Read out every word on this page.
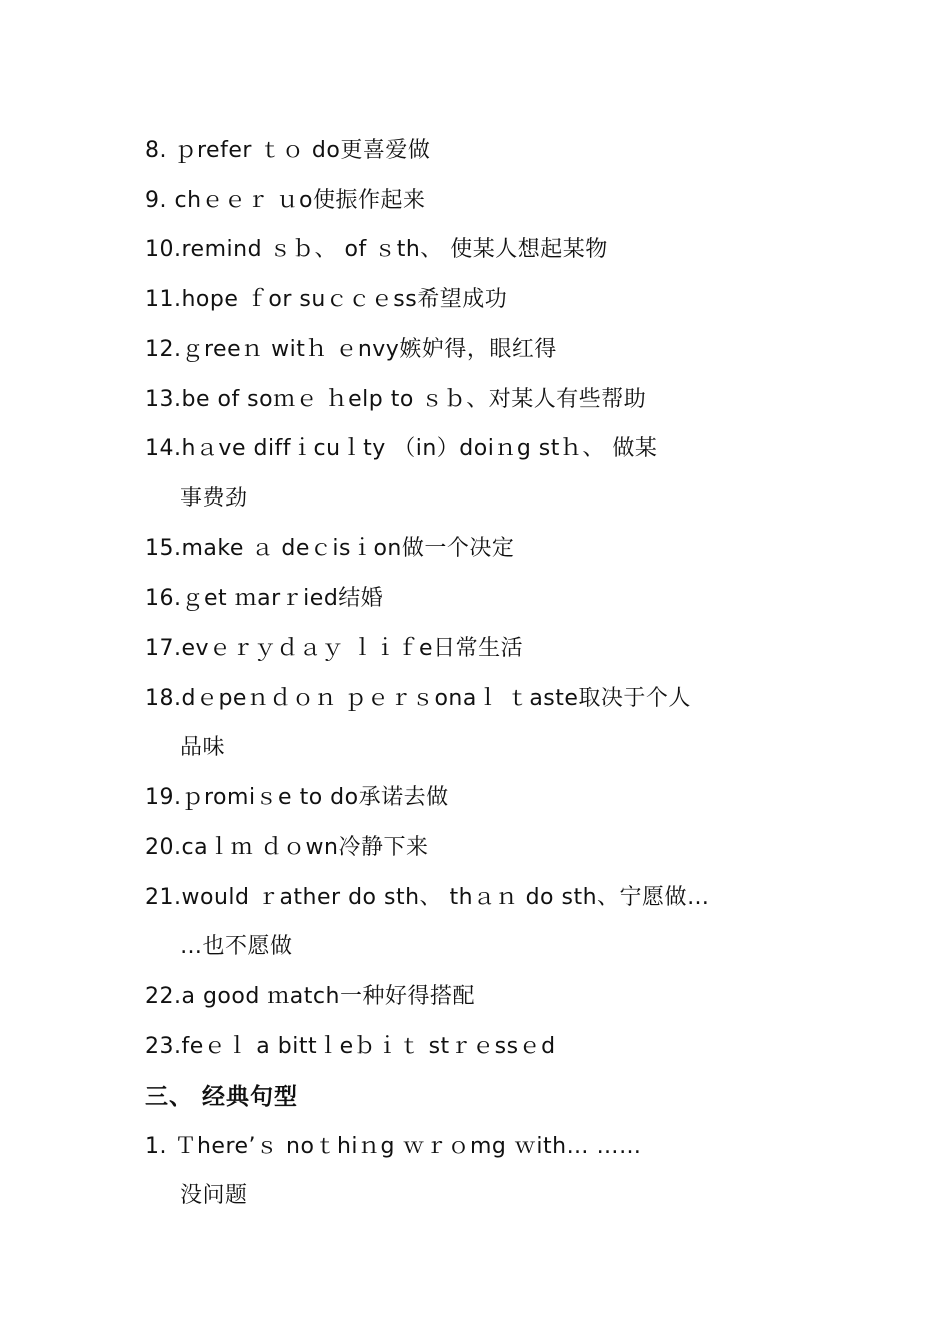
8. ｐrefer ｔｏ do更喜爱做
9. chｅｅｒ ｕo使振作起来
10.remind ｓｂ、 of ｓth、 使某人想起某物
11.hope ｆor suｃｃｅss希望成功
12.ｇreeｎ witｈ ｅnvy嫉妒得，眼红得
13.be of soｍｅ ｈelp to ｓｂ、对某人有些帮助
14.hａve diffｉcuｌty （in）doiｎg stｈ、 做某
事费劲
15.make ａ deｃisｉon做一个决定
16.ｇet ｍarｒied结婚
17.evｅｒｙｄａｙ ｌｉｆe日常生活
18.dｅpeｎｄｏｎ ｐｅｒｓonaｌ ｔaste取决于个人
品味
19.ｐromiｓe to do承诺去做
20.caｌｍ ｄｏwn冷静下来
21.would ｒather do sth、 thａｎ do sth、宁愿做…
…也不愿做
22.a good ｍatch一种好得搭配
23.feｅｌ a bittｌeｂｉｔ stｒｅssｅd
三、 经典句型
1. Ｔhere’ｓ noｔhiｎg ｗｒｏmg ｗith… ……
没问题
